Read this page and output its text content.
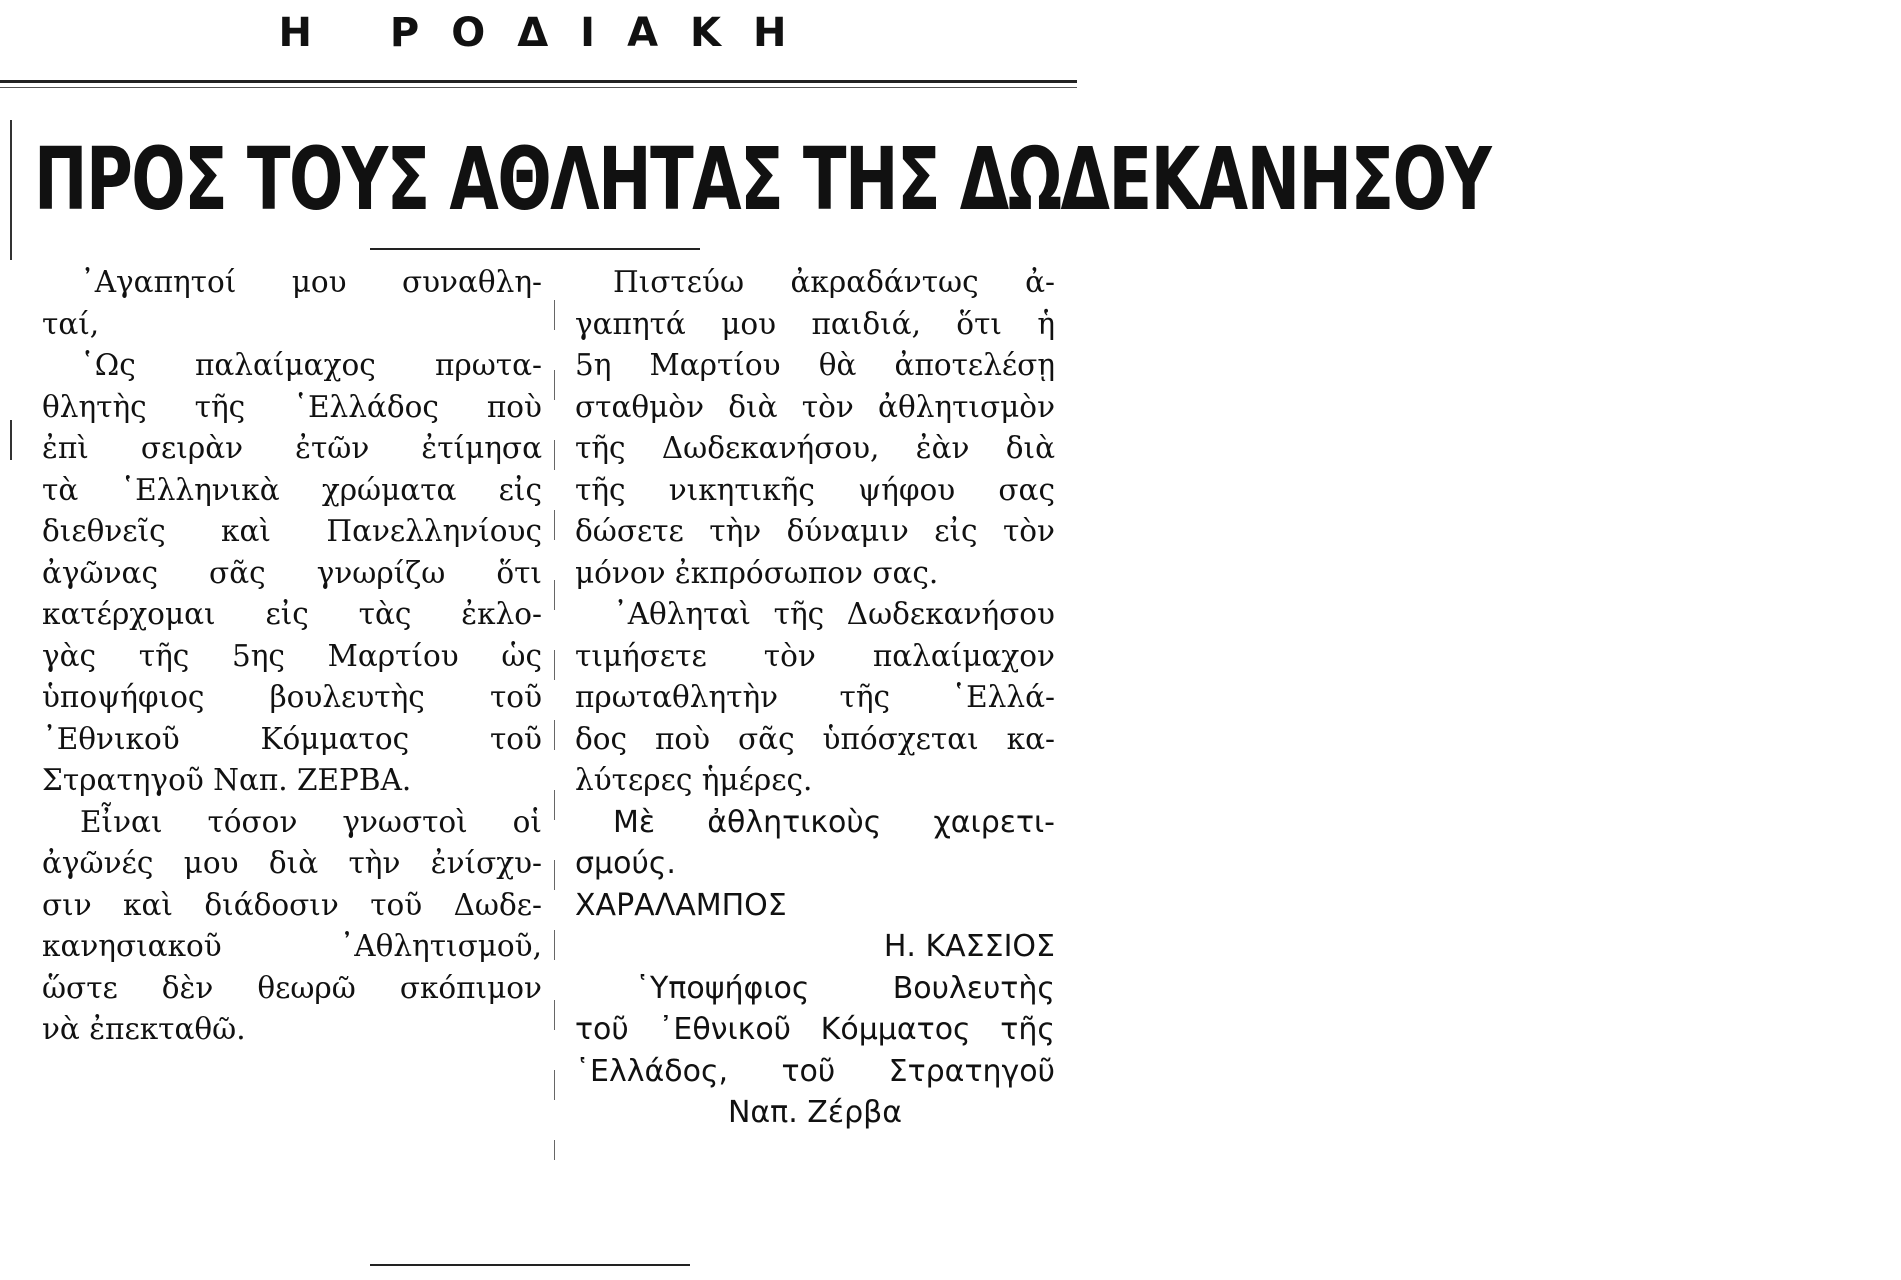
Η ΡΟΔΙΑΚΗ
ΠΡΟΣ ΤΟΥΣ ΑΘΛΗΤΑΣ ΤΗΣ ΔΩΔΕΚΑΝΗΣΟΥ
᾿Αγαπητοί μου συναθλη-
ταί,
῾Ως παλαίμαχος πρωτα-
θλητὴς τῆς ῾Ελλάδος ποὺ
ἐπὶ σειρὰν ἐτῶν ἐτίμησα
τὰ ῾Ελληνικὰ χρώματα εἰς
διεθνεῖς καὶ Πανελληνίους
ἀγῶνας σᾶς γνωρίζω ὅτι
κατέρχομαι εἰς τὰς ἐκλο-
γὰς τῆς 5ης Μαρτίου ὡς
ὑποψήφιος βουλευτὴς τοῦ
᾿Εθνικοῦ Κόμματος τοῦ
Στρατηγοῦ Ναπ. ΖΕΡΒΑ.
Εἶναι τόσον γνωστοὶ οἱ
ἀγῶνές μου διὰ τὴν ἐνίσχυ-
σιν καὶ διάδοσιν τοῦ Δωδε-
κανησιακοῦ ᾿Αθλητισμοῦ,
ὥστε δὲν θεωρῶ σκόπιμον
νὰ ἐπεκταθῶ.
Πιστεύω ἀκραδάντως ἀ-
γαπητά μου παιδιά, ὅτι ἡ
5η Μαρτίου θὰ ἀποτελέσῃ
σταθμὸν διὰ τὸν ἀθλητισμὸν
τῆς Δωδεκανήσου, ἐὰν διὰ
τῆς νικητικῆς ψήφου σας
δώσετε τὴν δύναμιν εἰς τὸν
μόνον ἐκπρόσωπον σας.
᾿Αθληταὶ τῆς Δωδεκανήσου
τιμήσετε τὸν παλαίμαχον
πρωταθλητὴν τῆς ῾Ελλά-
δος ποὺ σᾶς ὑπόσχεται κα-
λύτερες ἡμέρες.
Μὲ ἀθλητικοὺς χαιρετι-
σμούς.
ΧΑΡΑΛΑΜΠΟΣ
Η. ΚΑΣΣΙΟΣ
῾Υποψήφιος Βουλευτὴς
τοῦ ᾿Εθνικοῦ Κόμματος τῆς
῾Ελλάδος, τοῦ Στρατηγοῦ
Ναπ. Ζέρβα
